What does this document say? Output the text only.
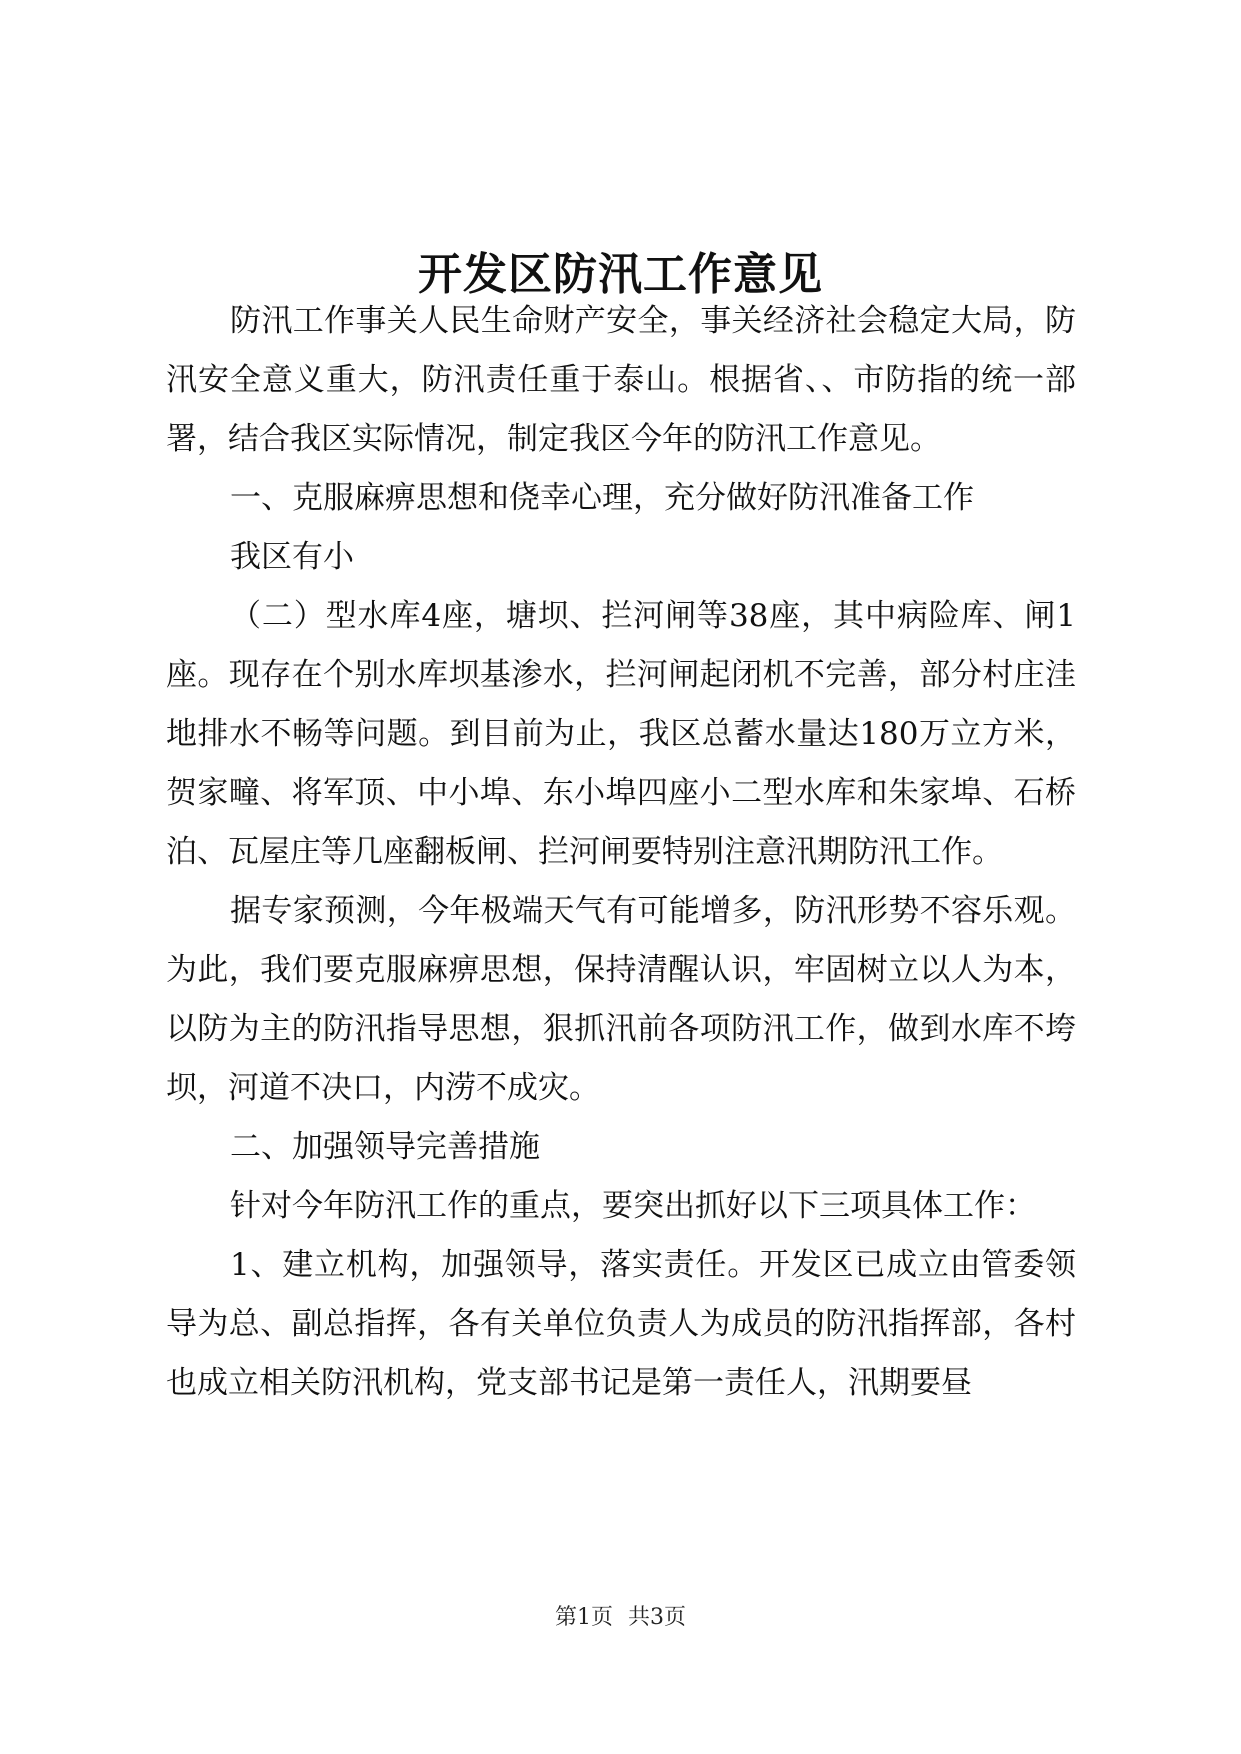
开发区防汛工作意见

防汛工作事关人民生命财产安全，事关经济社会稳定大局，防汛安全意义重大，防汛责任重于泰山。根据省、、市防指的统一部署，结合我区实际情况，制定我区今年的防汛工作意见。

一、克服麻痹思想和侥幸心理，充分做好防汛准备工作

我区有小

（二）型水库4座，塘坝、拦河闸等38座，其中病险库、闸1座。现存在个别水库坝基渗水，拦河闸起闭机不完善，部分村庄洼地排水不畅等问题。到目前为止，我区总蓄水量达180万立方米，贺家疃、将军顶、中小埠、东小埠四座小二型水库和朱家埠、石桥泊、瓦屋庄等几座翻板闸、拦河闸要特别注意汛期防汛工作。

据专家预测，今年极端天气有可能增多，防汛形势不容乐观。为此，我们要克服麻痹思想，保持清醒认识，牢固树立以人为本，以防为主的防汛指导思想，狠抓汛前各项防汛工作，做到水库不垮坝，河道不决口，内涝不成灾。

二、加强领导完善措施

针对今年防汛工作的重点，要突出抓好以下三项具体工作：

1、建立机构，加强领导，落实责任。开发区已成立由管委领导为总、副总指挥，各有关单位负责人为成员的防汛指挥部，各村也成立相关防汛机构，党支部书记是第一责任人，汛期要昼

第1页 共3页
